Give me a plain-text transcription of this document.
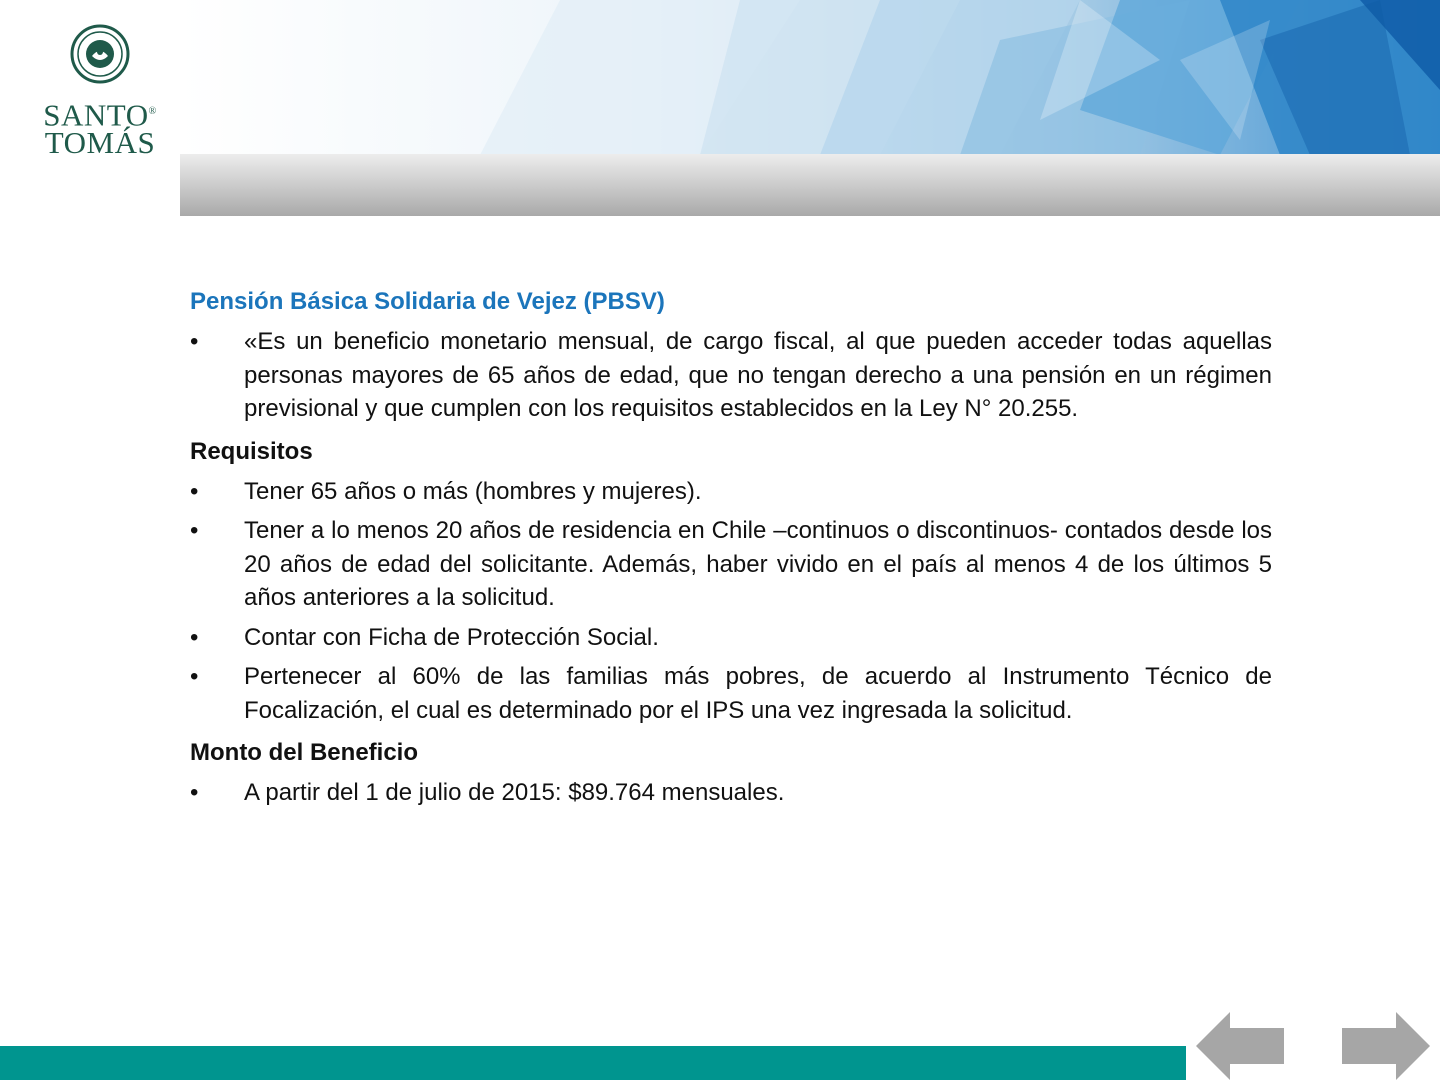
SANTO®
TOMÁS
Pensión Básica Solidaria de Vejez (PBSV)
• «Es un beneficio monetario mensual, de cargo fiscal, al que pueden acceder todas aquellas personas mayores de 65 años de edad, que no tengan derecho a una pensión en un régimen previsional y que cumplen con los requisitos establecidos en la Ley N° 20.255.
Requisitos
• Tener 65 años o más (hombres y mujeres).
• Tener a lo menos 20 años de residencia en Chile –continuos o discontinuos- contados desde los 20 años de edad del solicitante. Además, haber vivido en el país al menos 4 de los últimos 5 años anteriores a la solicitud.
• Contar con Ficha de Protección Social.
• Pertenecer al 60% de las familias más pobres, de acuerdo al Instrumento Técnico de Focalización, el cual es determinado por el IPS una vez ingresada la solicitud.
Monto del Beneficio
• A partir del 1 de julio de 2015: $89.764 mensuales.
